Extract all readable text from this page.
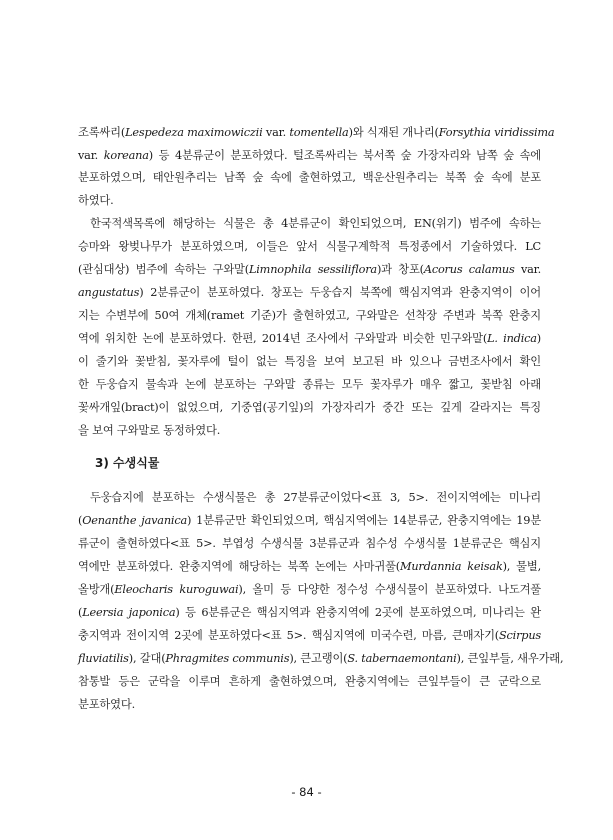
조록싸리(Lespedeza maximowiczii var. tomentella)와 식재된 개나리(Forsythia viridissima
var. koreana) 등 4분류군이 분포하였다. 털조록싸리는 북서쪽 숲 가장자리와 남쪽 숲 속에
분포하였으며, 태안원추리는 남쪽 숲 속에 출현하였고, 백운산원추리는 북쪽 숲 속에 분포
하였다.
한국적색목록에 해당하는 식물은 총 4분류군이 확인되었으며, EN(위기) 범주에 속하는
승마와 왕벚나무가 분포하였으며, 이들은 앞서 식물구계학적 특정종에서 기술하였다. LC
(관심대상) 범주에 속하는 구와말(Limnophila sessiliflora)과 창포(Acorus calamus var.
angustatus) 2분류군이 분포하였다. 창포는 두웅습지 북쪽에 핵심지역과 완충지역이 이어
지는 수변부에 50여 개체(ramet 기준)가 출현하였고, 구와말은 선착장 주변과 북쪽 완충지
역에 위치한 논에 분포하였다. 한편, 2014년 조사에서 구와말과 비슷한 민구와말(L. indica)
이 줄기와 꽃받침, 꽃자루에 털이 없는 특징을 보여 보고된 바 있으나 금번조사에서 확인
한 두웅습지 물속과 논에 분포하는 구와말 종류는 모두 꽃자루가 매우 짧고, 꽃받침 아래
꽃싸개잎(bract)이 없었으며, 기중엽(공기잎)의 가장자리가 중간 또는 깊게 갈라지는 특징
을 보여 구와말로 동정하였다.
3) 수생식물
두웅습지에 분포하는 수생식물은 총 27분류군이었다<표 3, 5>. 전이지역에는 미나리
(Oenanthe javanica) 1분류군만 확인되었으며, 핵심지역에는 14분류군, 완충지역에는 19분
류군이 출현하였다<표 5>. 부엽성 수생식물 3분류군과 침수성 수생식물 1분류군은 핵심지
역에만 분포하였다. 완충지역에 해당하는 북쪽 논에는 사마귀풀(Murdannia keisak), 물별,
올방개(Eleocharis kuroguwai), 올미 등 다양한 정수성 수생식물이 분포하였다. 나도겨풀
(Leersia japonica) 등 6분류군은 핵심지역과 완충지역에 2곳에 분포하였으며, 미나리는 완
충지역과 전이지역 2곳에 분포하였다<표 5>. 핵심지역에 미국수련, 마름, 큰매자기(Scirpus
fluviatilis), 갈대(Phragmites communis), 큰고랭이(S. tabernaemontani), 큰잎부들, 새우가래,
참통발 등은 군락을 이루며 흔하게 출현하였으며, 완충지역에는 큰잎부들이 큰 군락으로
분포하였다.
- 84 -
